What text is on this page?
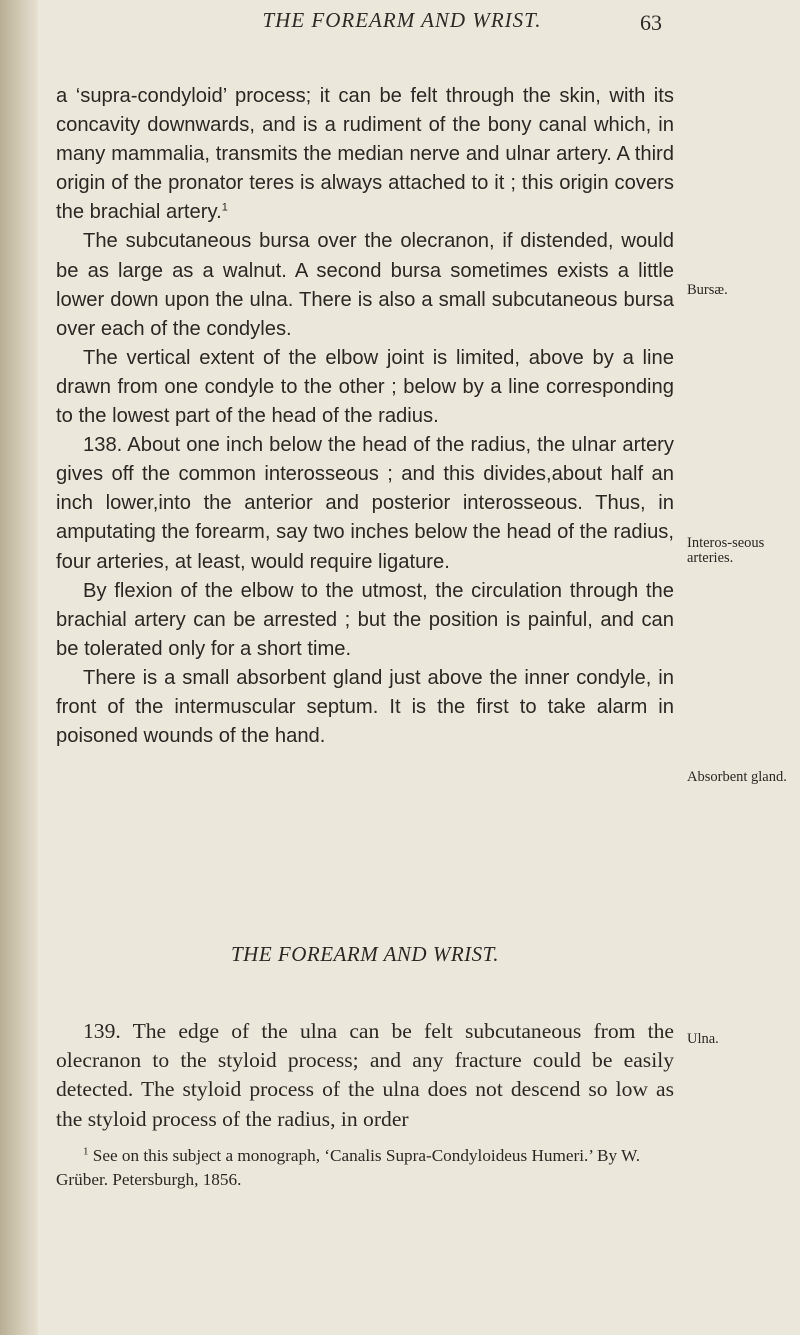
THE FOREARM AND WRIST.	63

a ‘supra-condyloid’ process; it can be felt through the skin, with its concavity downwards, and is a rudiment of the bony canal which, in many mammalia, transmits the median nerve and ulnar artery. A third origin of the pronator teres is always attached to it ; this origin covers the brachial artery.$^1$

The subcutaneous bursa over the olecranon, if distended, would be as large as a walnut. A second bursa sometimes exists a little lower down upon the ulna. There is also a small subcutaneous bursa over each of the condyles.

The vertical extent of the elbow joint is limited, above by a line drawn from one condyle to the other ; below by a line corresponding to the lowest part of the head of the radius.

138. About one inch below the head of the radius, the ulnar artery gives off the common interosseous ; and this divides,about half an inch lower,into the anterior and posterior interosseous. Thus, in amputating the forearm, say two inches below the head of the radius, four arteries, at least, would require ligature.

By flexion of the elbow to the utmost, the circulation through the brachial artery can be arrested ; but the position is painful, and can be tolerated only for a short time.

There is a small absorbent gland just above the inner condyle, in front of the intermuscular septum. It is the first to take alarm in poisoned wounds of the hand.

THE FOREARM AND WRIST.

139. The edge of the ulna can be felt subcutaneous from the olecranon to the styloid process; and any fracture could be easily detected. The styloid process of the ulna does not descend so low as the styloid process of the radius, in order

$^1$ See on this subject a monograph, ‘Canalis Supra-Condyloideus Humeri.’ By W. Grüber. Petersburgh, 1856.

Bursæ.
Interos-seous arteries.
Absorbent gland.
Ulna.
